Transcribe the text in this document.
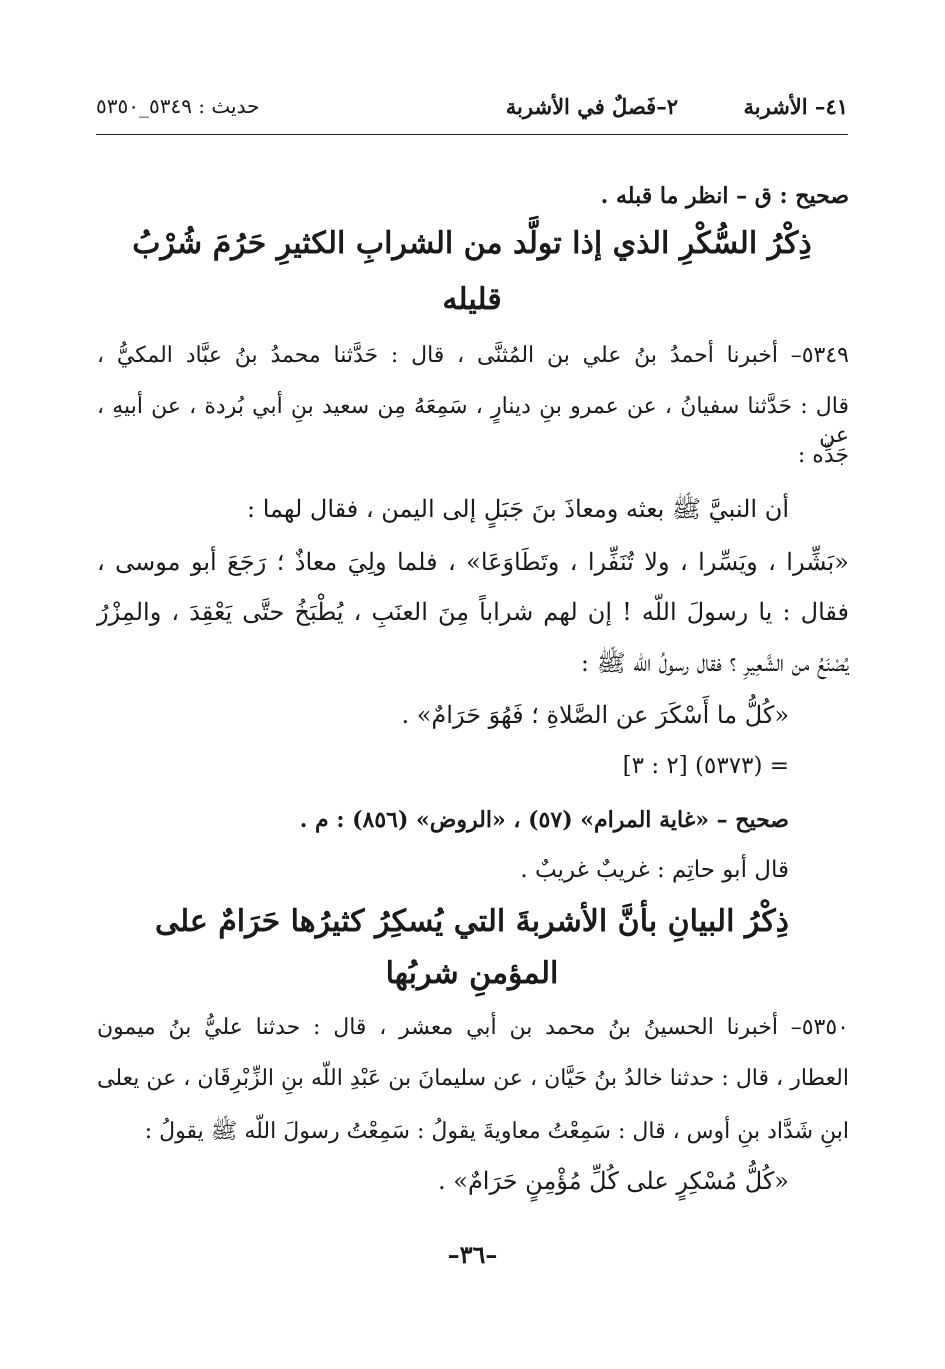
٤١– الأشربة
٢–فَصلٌ في الأشربة
حديث : ٥٣٤٩_٥٣٥٠
صحيح : ق – انظر ما قبله .
ذِكْرُ السُّكْرِ الذي إذا تولَّد من الشرابِ الكثيرِ حَرُمَ شُرْبُ
قليله
٥٣٤٩– أخبرنا أحمدُ بنُ علي بن المُثنَّى ، قال : حَدَّثنا محمدُ بنُ عبَّاد المكيُّ ،
قال : حَدَّثنا سفيانُ ، عن عمرو بنِ دينارٍ ، سَمِعَهُ مِن سعيد بنِ أبي بُردة ، عن أبيهِ ، عن
جَدِّه :
أن النبيَّ ﷺ بعثه ومعاذَ بنَ جَبَلٍ إلى اليمن ، فقال لهما :
«بَشِّرا ، ويَسِّرا ، ولا تُنَفِّرا ، وتَطَاوَعَا» ، فلما ولِيَ معاذٌ ؛ رَجَعَ أبو موسى ،
فقال : يا رسولَ اللّه ! إن لهم شراباً مِنَ العنَبِ ، يُطْبَخُ حتَّى يَعْقِدَ ، والمِزْرُ
يُصْنَعُ من الشَّعِيرِ ؟ فقال رسولُ اللّه ﷺ :
«كُلُّ ما أَسْكَرَ عن الصَّلاةِ ؛ فَهُوَ حَرَامٌ» .
= (٥٣٧٣) [٢ : ٣]
صحيح – «غاية المرام» (٥٧) ، «الروض» (٨٥٦) : م .
قال أبو حاتِم : غريبٌ غريبٌ .
ذِكْرُ البيانِ بأنَّ الأشربةَ التي يُسكِرُ كثيرُها حَرَامٌ على
المؤمنِ شربُها
٥٣٥٠– أخبرنا الحسينُ بنُ محمد بن أبي معشر ، قال : حدثنا عليُّ بنُ ميمون
العطار ، قال : حدثنا خالدُ بنُ حَيَّان ، عن سليمانَ بن عَبْدِ اللّه بنِ الزِّبْرِقَان ، عن يعلى
ابنِ شَدَّاد بنِ أوس ، قال : سَمِعْتُ معاويةَ يقولُ : سَمِعْتُ رسولَ اللّه ﷺ يقولُ :
«كُلُّ مُسْكِرٍ على كُلِّ مُؤْمِنٍ حَرَامٌ» .
–٣٦–
